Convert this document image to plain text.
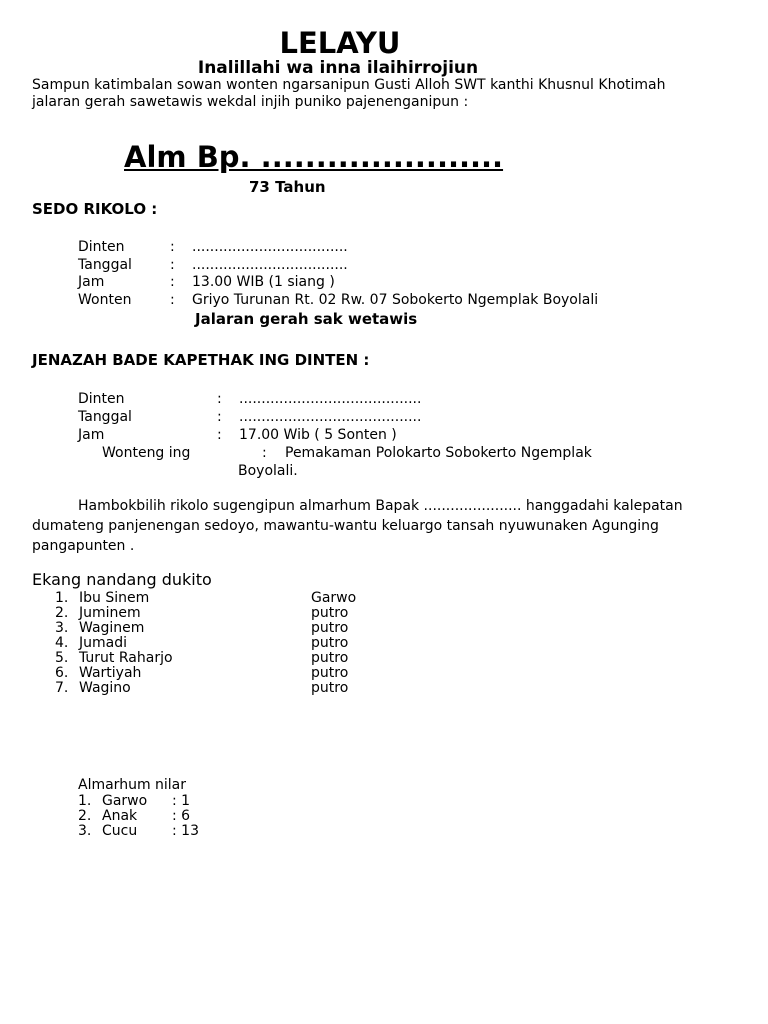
LELAYU
Inalillahi wa inna ilaihirrojiun
Sampun katimbalan sowan wonten ngarsanipun Gusti Alloh SWT kanthi Khusnul Khotimah jalaran gerah sawetawis wekdal injih puniko pajenenganipun :
Alm Bp. ......................
73 Tahun
SEDO RIKOLO :
Dinten	: ...................................
Tanggal	: ...................................
Jam	: 13.00 WIB (1 siang )
Wonten	: Griyo Turunan Rt. 02 Rw. 07 Sobokerto Ngemplak Boyolali
Jalaran gerah sak wetawis
JENAZAH BADE KAPETHAK ING DINTEN :
Dinten	: .........................................
Tanggal	: .........................................
Jam	: 17.00 Wib ( 5 Sonten )
Wonteng ing	: Pemakaman Polokarto Sobokerto Ngemplak
Boyolali.
Hambokbilih rikolo sugengipun almarhum Bapak ...................... hanggadahi kalepatan dumateng panjenengan sedoyo, mawantu-wantu keluargo tansah nyuwunaken Agunging pangapunten .
Ekang nandang dukito
1. Ibu Sinem	Garwo
2. Juminem	putro
3. Waginem	putro
4. Jumadi	putro
5. Turut Raharjo	putro
6. Wartiyah	putro
7. Wagino	putro
Almarhum nilar
1. Garwo : 1
2. Anak : 6
3. Cucu : 13
